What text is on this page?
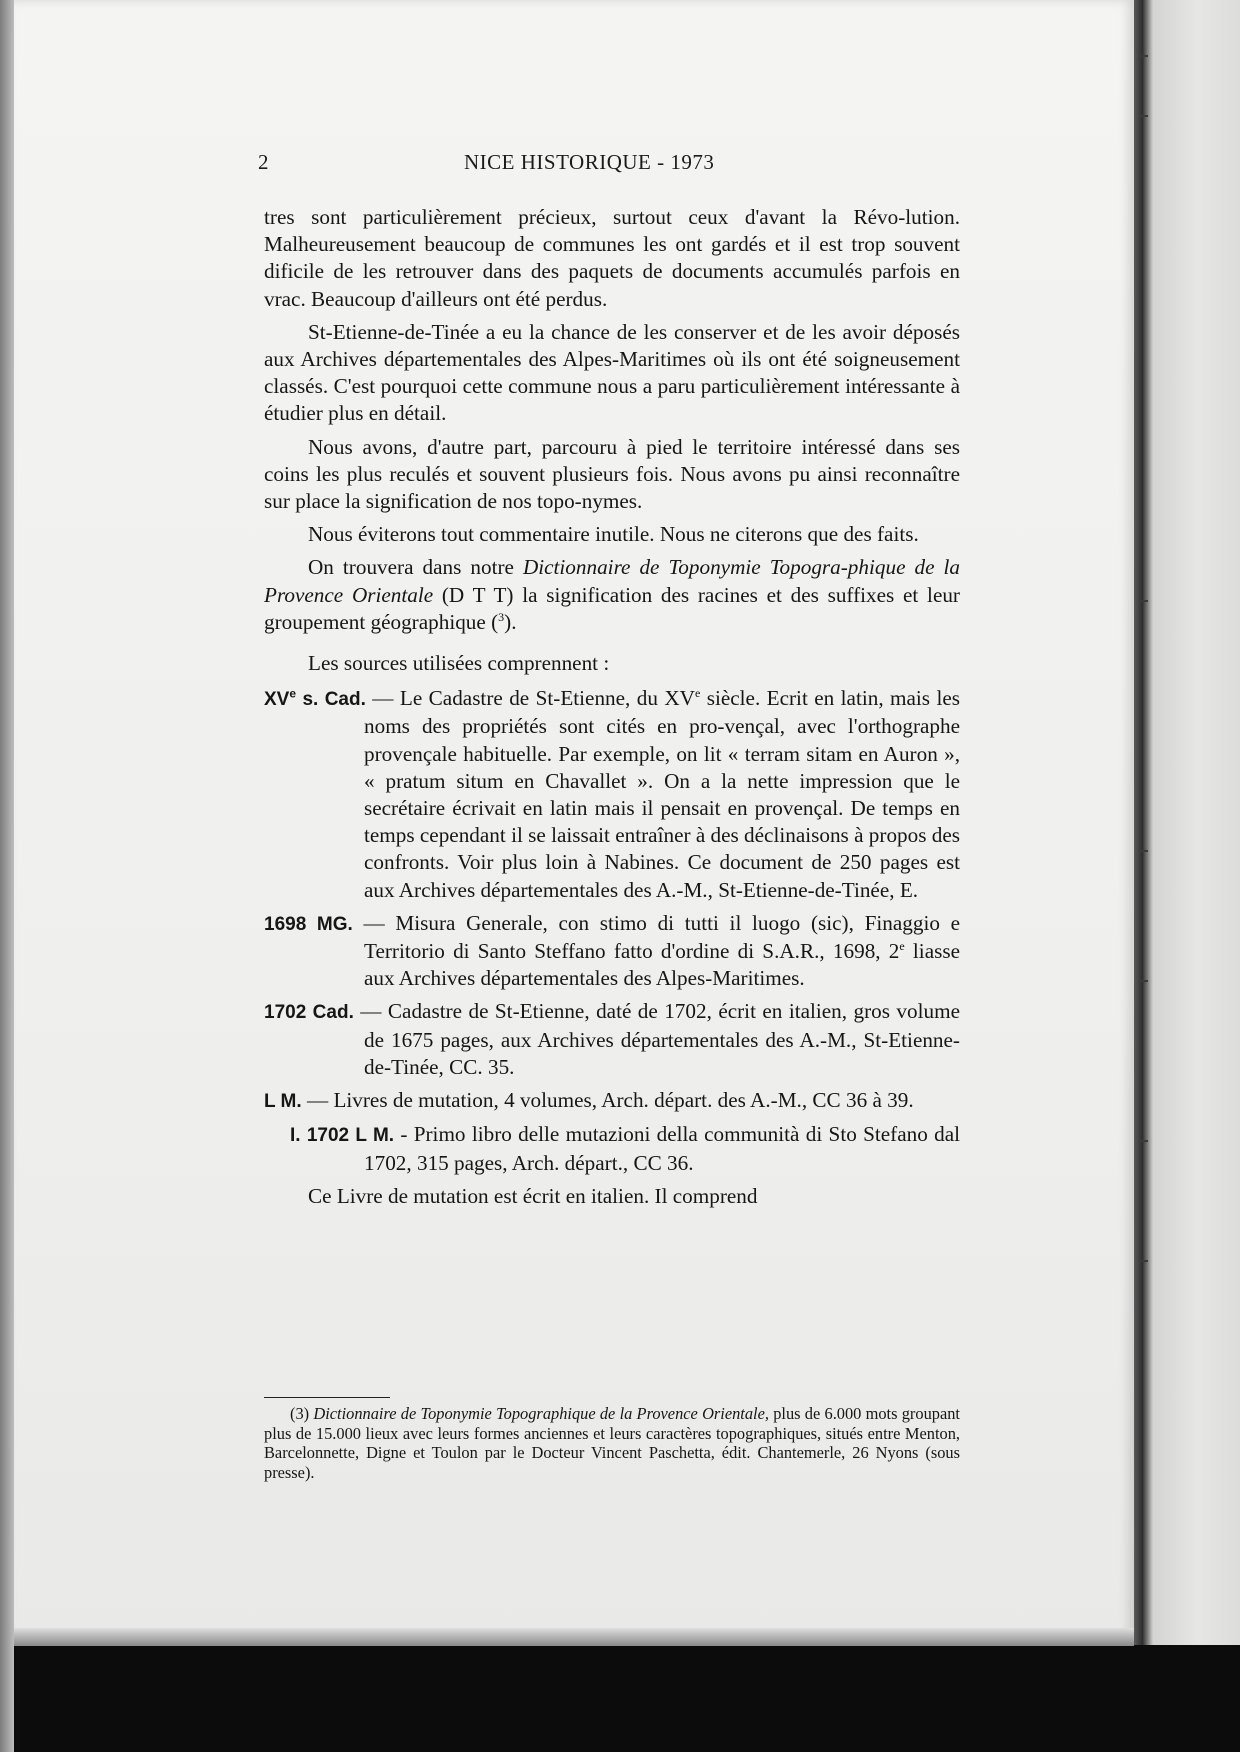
2	NICE HISTORIQUE - 1973

tres sont particulièrement précieux, surtout ceux d'avant la Révo-lution. Malheureusement beaucoup de communes les ont gardés et il est trop souvent dificile de les retrouver dans des paquets de documents accumulés parfois en vrac. Beaucoup d'ailleurs ont été perdus.

St-Etienne-de-Tinée a eu la chance de les conserver et de les avoir déposés aux Archives départementales des Alpes-Maritimes où ils ont été soigneusement classés. C'est pourquoi cette commune nous a paru particulièrement intéressante à étudier plus en détail.

Nous avons, d'autre part, parcouru à pied le territoire intéressé dans ses coins les plus reculés et souvent plusieurs fois. Nous avons pu ainsi reconnaître sur place la signification de nos topo-nymes.

Nous éviterons tout commentaire inutile. Nous ne citerons que des faits.

On trouvera dans notre Dictionnaire de Toponymie Topogra-phique de la Provence Orientale (D T T) la signification des racines et des suffixes et leur groupement géographique ($^3$).

Les sources utilisées comprennent :

XVe s. Cad. — Le Cadastre de St-Etienne, du XVe siècle. Ecrit en latin, mais les noms des propriétés sont cités en pro-vençal, avec l'orthographe provençale habituelle. Par exemple, on lit « terram sitam en Auron », « pratum situm en Chavallet ». On a la nette impression que le secrétaire écrivait en latin mais il pensait en provençal. De temps en temps cependant il se laissait entraîner à des déclinaisons à propos des confronts. Voir plus loin à Nabines. Ce document de 250 pages est aux Archives départementales des A.-M., St-Etienne-de-Tinée, E.

1698 MG. — Misura Generale, con stimo di tutti il luogo (sic), Finaggio e Territorio di Santo Steffano fatto d'ordine di S.A.R., 1698, 2e liasse aux Archives départementales des Alpes-Maritimes.

1702 Cad. — Cadastre de St-Etienne, daté de 1702, écrit en italien, gros volume de 1675 pages, aux Archives départementales des A.-M., St-Etienne-de-Tinée, CC. 35.

L M. — Livres de mutation, 4 volumes, Arch. départ. des A.-M., CC 36 à 39.

I. 1702 L M. - Primo libro delle mutazioni della communità di Sto Stefano dal 1702, 315 pages, Arch. départ., CC 36.

Ce Livre de mutation est écrit en italien. Il comprend

(3) Dictionnaire de Toponymie Topographique de la Provence Orientale, plus de 6.000 mots groupant plus de 15.000 lieux avec leurs formes anciennes et leurs caractères topographiques, situés entre Menton, Barcelonnette, Digne et Toulon par le Docteur Vincent Paschetta, édit. Chantemerle, 26 Nyons (sous presse).
